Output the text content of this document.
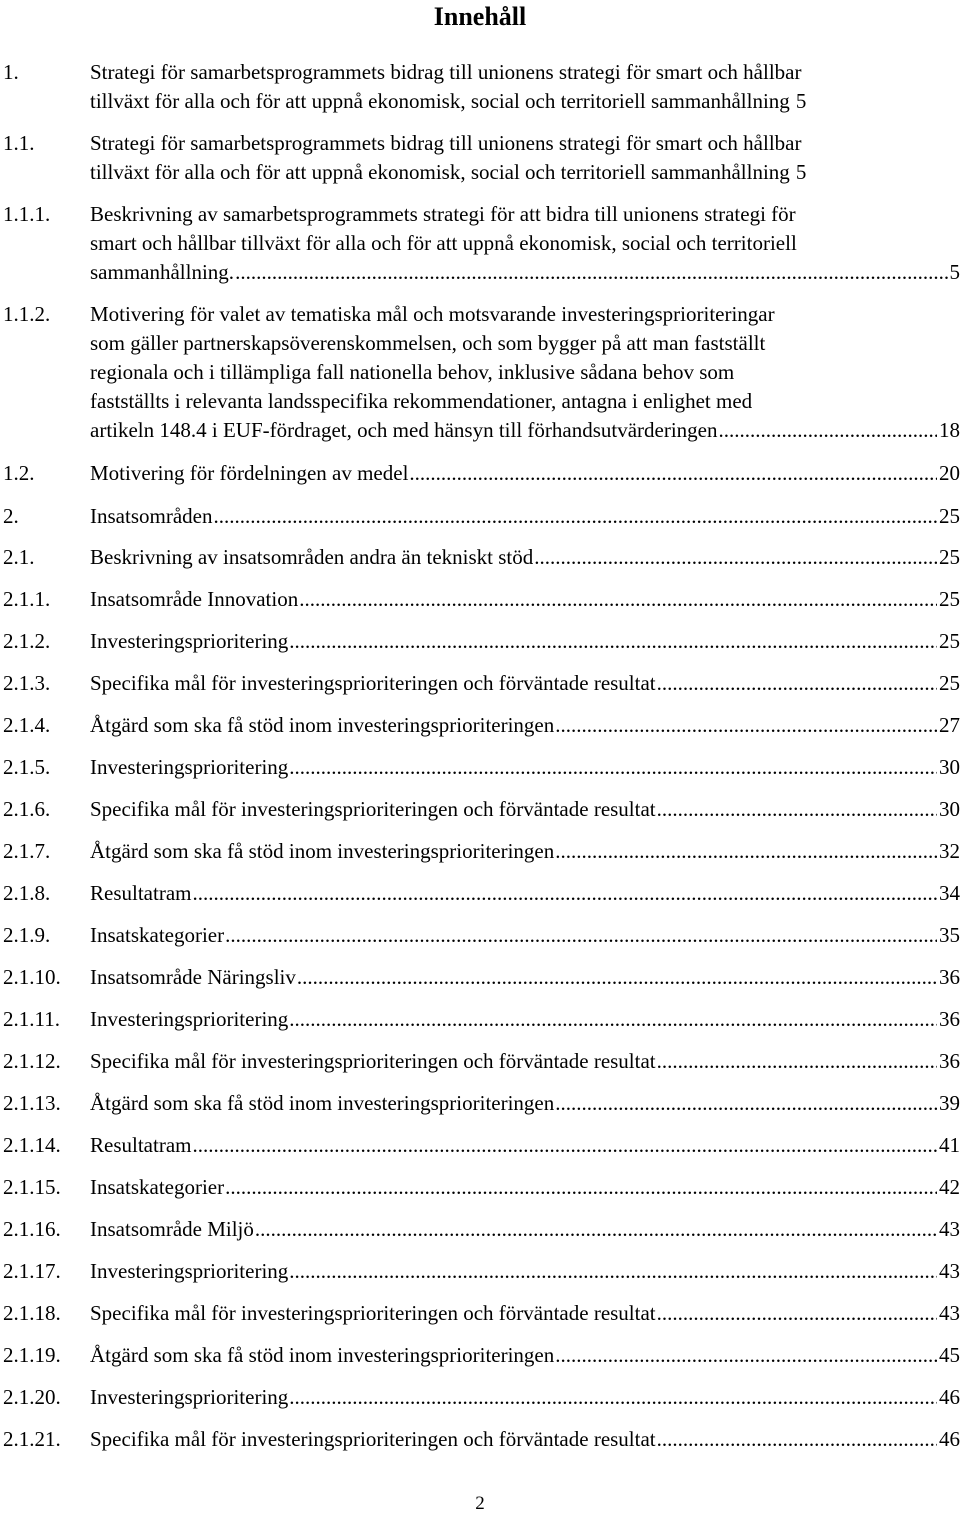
Innehåll
1.	Strategi för samarbetsprogrammets bidrag till unionens strategi för smart och hållbar
tillväxt för alla och för att uppnå ekonomisk, social och territoriell sammanhållning 5
1.1.	Strategi för samarbetsprogrammets bidrag till unionens strategi för smart och hållbar
tillväxt för alla och för att uppnå ekonomisk, social och territoriell sammanhållning 5
1.1.1. Beskrivning av samarbetsprogrammets strategi för att bidra till unionens strategi för
smart och hållbar tillväxt för alla och för att uppnå ekonomisk, social och territoriell
sammanhållning. .....	5
1.1.2. Motivering för valet av tematiska mål och motsvarande investeringsprioriteringar
som gäller partnerskapsöverenskommelsen, och som bygger på att man fastställt
regionala och i tillämpliga fall nationella behov, inklusive sådana behov som
fastställts i relevanta landsspecifika rekommendationer, antagna i enlighet med
artikeln 148.4 i EUF-fördraget, och med hänsyn till förhandsutvärderingen .....	18
1.2.	Motivering för fördelningen av medel .....	20
2.	Insatsområden .....	25
2.1.	Beskrivning av insatsområden andra än tekniskt stöd .....	25
2.1.1. Insatsområde Innovation .....	25
2.1.2. Investeringsprioritering .....	25
2.1.3. Specifika mål för investeringsprioriteringen och förväntade resultat .....	25
2.1.4. Åtgärd som ska få stöd inom investeringsprioriteringen .....	27
2.1.5. Investeringsprioritering .....	30
2.1.6. Specifika mål för investeringsprioriteringen och förväntade resultat .....	30
2.1.7. Åtgärd som ska få stöd inom investeringsprioriteringen .....	32
2.1.8. Resultatram .....	34
2.1.9. Insatskategorier .....	35
2.1.10. Insatsområde Näringsliv .....	36
2.1.11. Investeringsprioritering .....	36
2.1.12. Specifika mål för investeringsprioriteringen och förväntade resultat .....	36
2.1.13. Åtgärd som ska få stöd inom investeringsprioriteringen .....	39
2.1.14. Resultatram .....	41
2.1.15. Insatskategorier .....	42
2.1.16. Insatsområde Miljö .....	43
2.1.17. Investeringsprioritering .....	43
2.1.18. Specifika mål för investeringsprioriteringen och förväntade resultat .....	43
2.1.19. Åtgärd som ska få stöd inom investeringsprioriteringen .....	45
2.1.20. Investeringsprioritering .....	46
2.1.21. Specifika mål för investeringsprioriteringen och förväntade resultat .....	46
2
